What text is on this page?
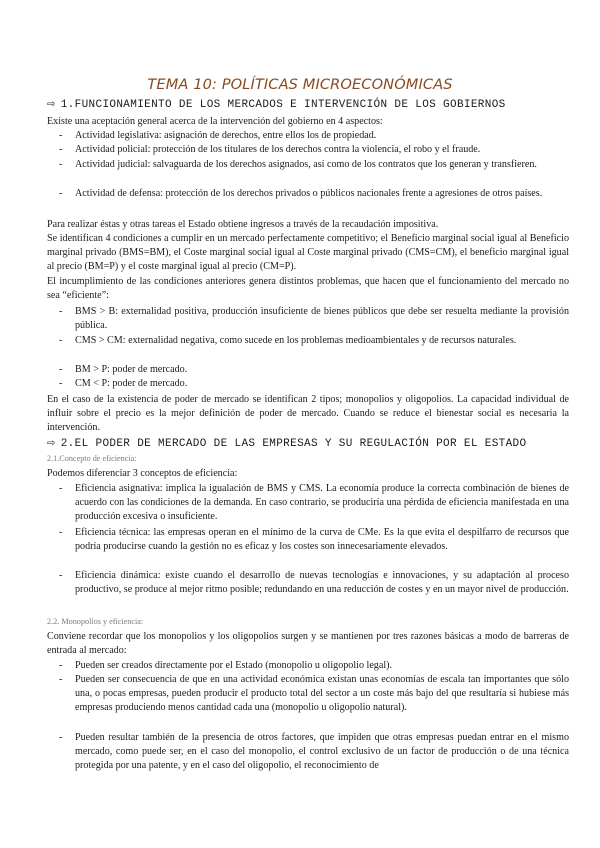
TEMA 10: POLÍTICAS MICROECONÓMICAS
⇨ 1.FUNCIONAMIENTO DE LOS MERCADOS E INTERVENCIÓN DE LOS GOBIERNOS
Existe una aceptación general acerca de la intervención del gobierno en 4 aspectos:
- Actividad legislativa: asignación de derechos, entre ellos los de propiedad.
- Actividad policial: protección de los titulares de los derechos contra la violencia, el robo y el fraude.
- Actividad judicial: salvaguarda de los derechos asignados, así como de los contratos que los generan y transfieren.
- Actividad de defensa: protección de los derechos privados o públicos nacionales frente a agresiones de otros países.
Para realizar éstas y otras tareas el Estado obtiene ingresos a través de la recaudación impositiva.
Se identifican 4 condiciones a cumplir en un mercado perfectamente competitivo; el Beneficio marginal social igual al Beneficio marginal privado (BMS=BM), el Coste marginal social igual al Coste marginal privado (CMS=CM), el beneficio marginal igual al precio (BM=P) y el coste marginal igual al precio (CM=P).
El incumplimiento de las condiciones anteriores genera distintos problemas, que hacen que el funcionamiento del mercado no sea “eficiente”:
- BMS > B: externalidad positiva, producción insuficiente de bienes públicos que debe ser resuelta mediante la provisión pública.
- CMS > CM: externalidad negativa, como sucede en los problemas medioambientales y de recursos naturales.
- BM > P: poder de mercado.
- CM < P: poder de mercado.
En el caso de la existencia de poder de mercado se identifican 2 tipos; monopolios y oligopolios. La capacidad individual de influir sobre el precio es la mejor definición de poder de mercado. Cuando se reduce el bienestar social es necesaria la intervención.
⇨ 2.EL PODER DE MERCADO DE LAS EMPRESAS Y SU REGULACIÓN POR EL ESTADO
2.1.Concepto de eficiencia:
Podemos diferenciar 3 conceptos de eficiencia:
- Eficiencia asignativa: implica la igualación de BMS y CMS. La economía produce la correcta combinación de bienes de acuerdo con las condiciones de la demanda. En caso contrario, se produciría una pérdida de eficiencia manifestada en una producción excesiva o insuficiente.
- Eficiencia técnica: las empresas operan en el mínimo de la curva de CMe. Es la que evita el despilfarro de recursos que podría producirse cuando la gestión no es eficaz y los costes son innecesariamente elevados.
- Eficiencia dinámica: existe cuando el desarrollo de nuevas tecnologías e innovaciones, y su adaptación al proceso productivo, se produce al mejor ritmo posible; redundando en una reducción de costes y en un mayor nivel de producción.
2.2. Monopolios y eficiencia:
Conviene recordar que los monopolios y los oligopolios surgen y se mantienen por tres razones básicas a modo de barreras de entrada al mercado:
- Pueden ser creados directamente por el Estado (monopolio u oligopolio legal).
- Pueden ser consecuencia de que en una actividad económica existan unas economías de escala tan importantes que sólo una, o pocas empresas, pueden producir el producto total del sector a un coste más bajo del que resultaría si hubiese más empresas produciendo menos cantidad cada una (monopolio u oligopolio natural).
- Pueden resultar también de la presencia de otros factores, que impiden que otras empresas puedan entrar en el mismo mercado, como puede ser, en el caso del monopolio, el control exclusivo de un factor de producción o de una técnica protegida por una patente, y en el caso del oligopolio, el reconocimiento de
